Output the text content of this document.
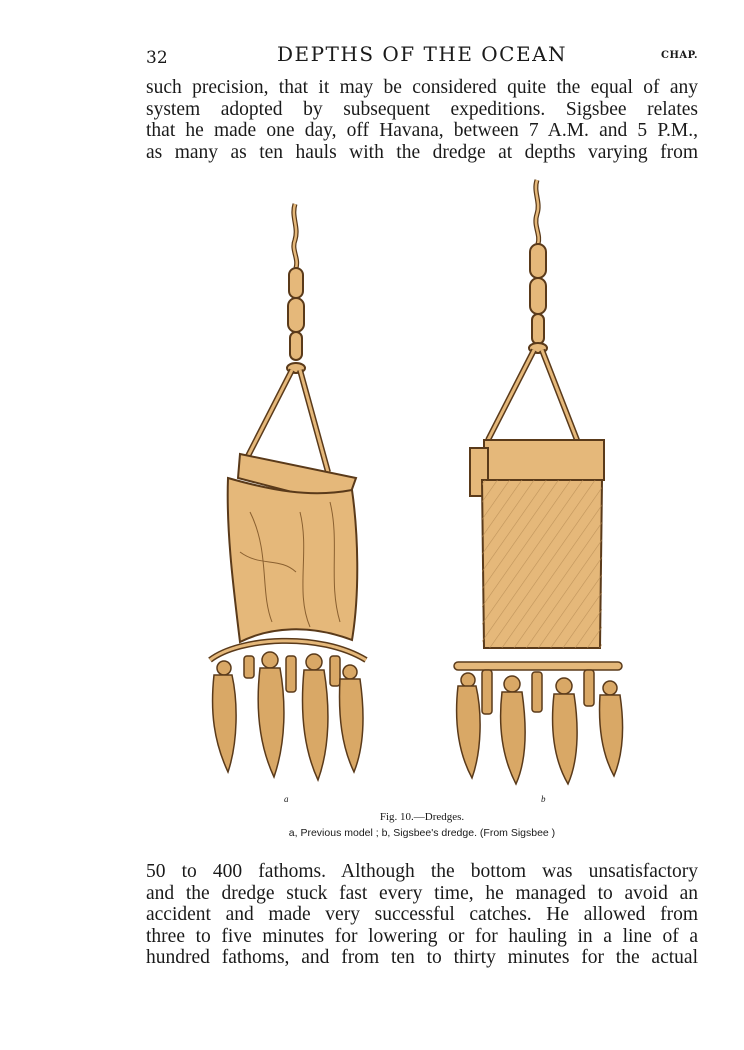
32	DEPTHS OF THE OCEAN	CHAP.
such precision, that it may be considered quite the equal of any
system adopted by subsequent expeditions. Sigsbee relates
that he made one day, off Havana, between 7 A.M. and 5 P.M.,
as many as ten hauls with the dredge at depths varying from
a	b
Fig. 10.—Dredges.
a, Previous model ; b, Sigsbee's dredge. (From Sigsbee )
50 to 400 fathoms. Although the bottom was unsatisfactory
and the dredge stuck fast every time, he managed to avoid an
accident and made very successful catches. He allowed from
three to five minutes for lowering or for hauling in a line of a
hundred fathoms, and from ten to thirty minutes for the actual
